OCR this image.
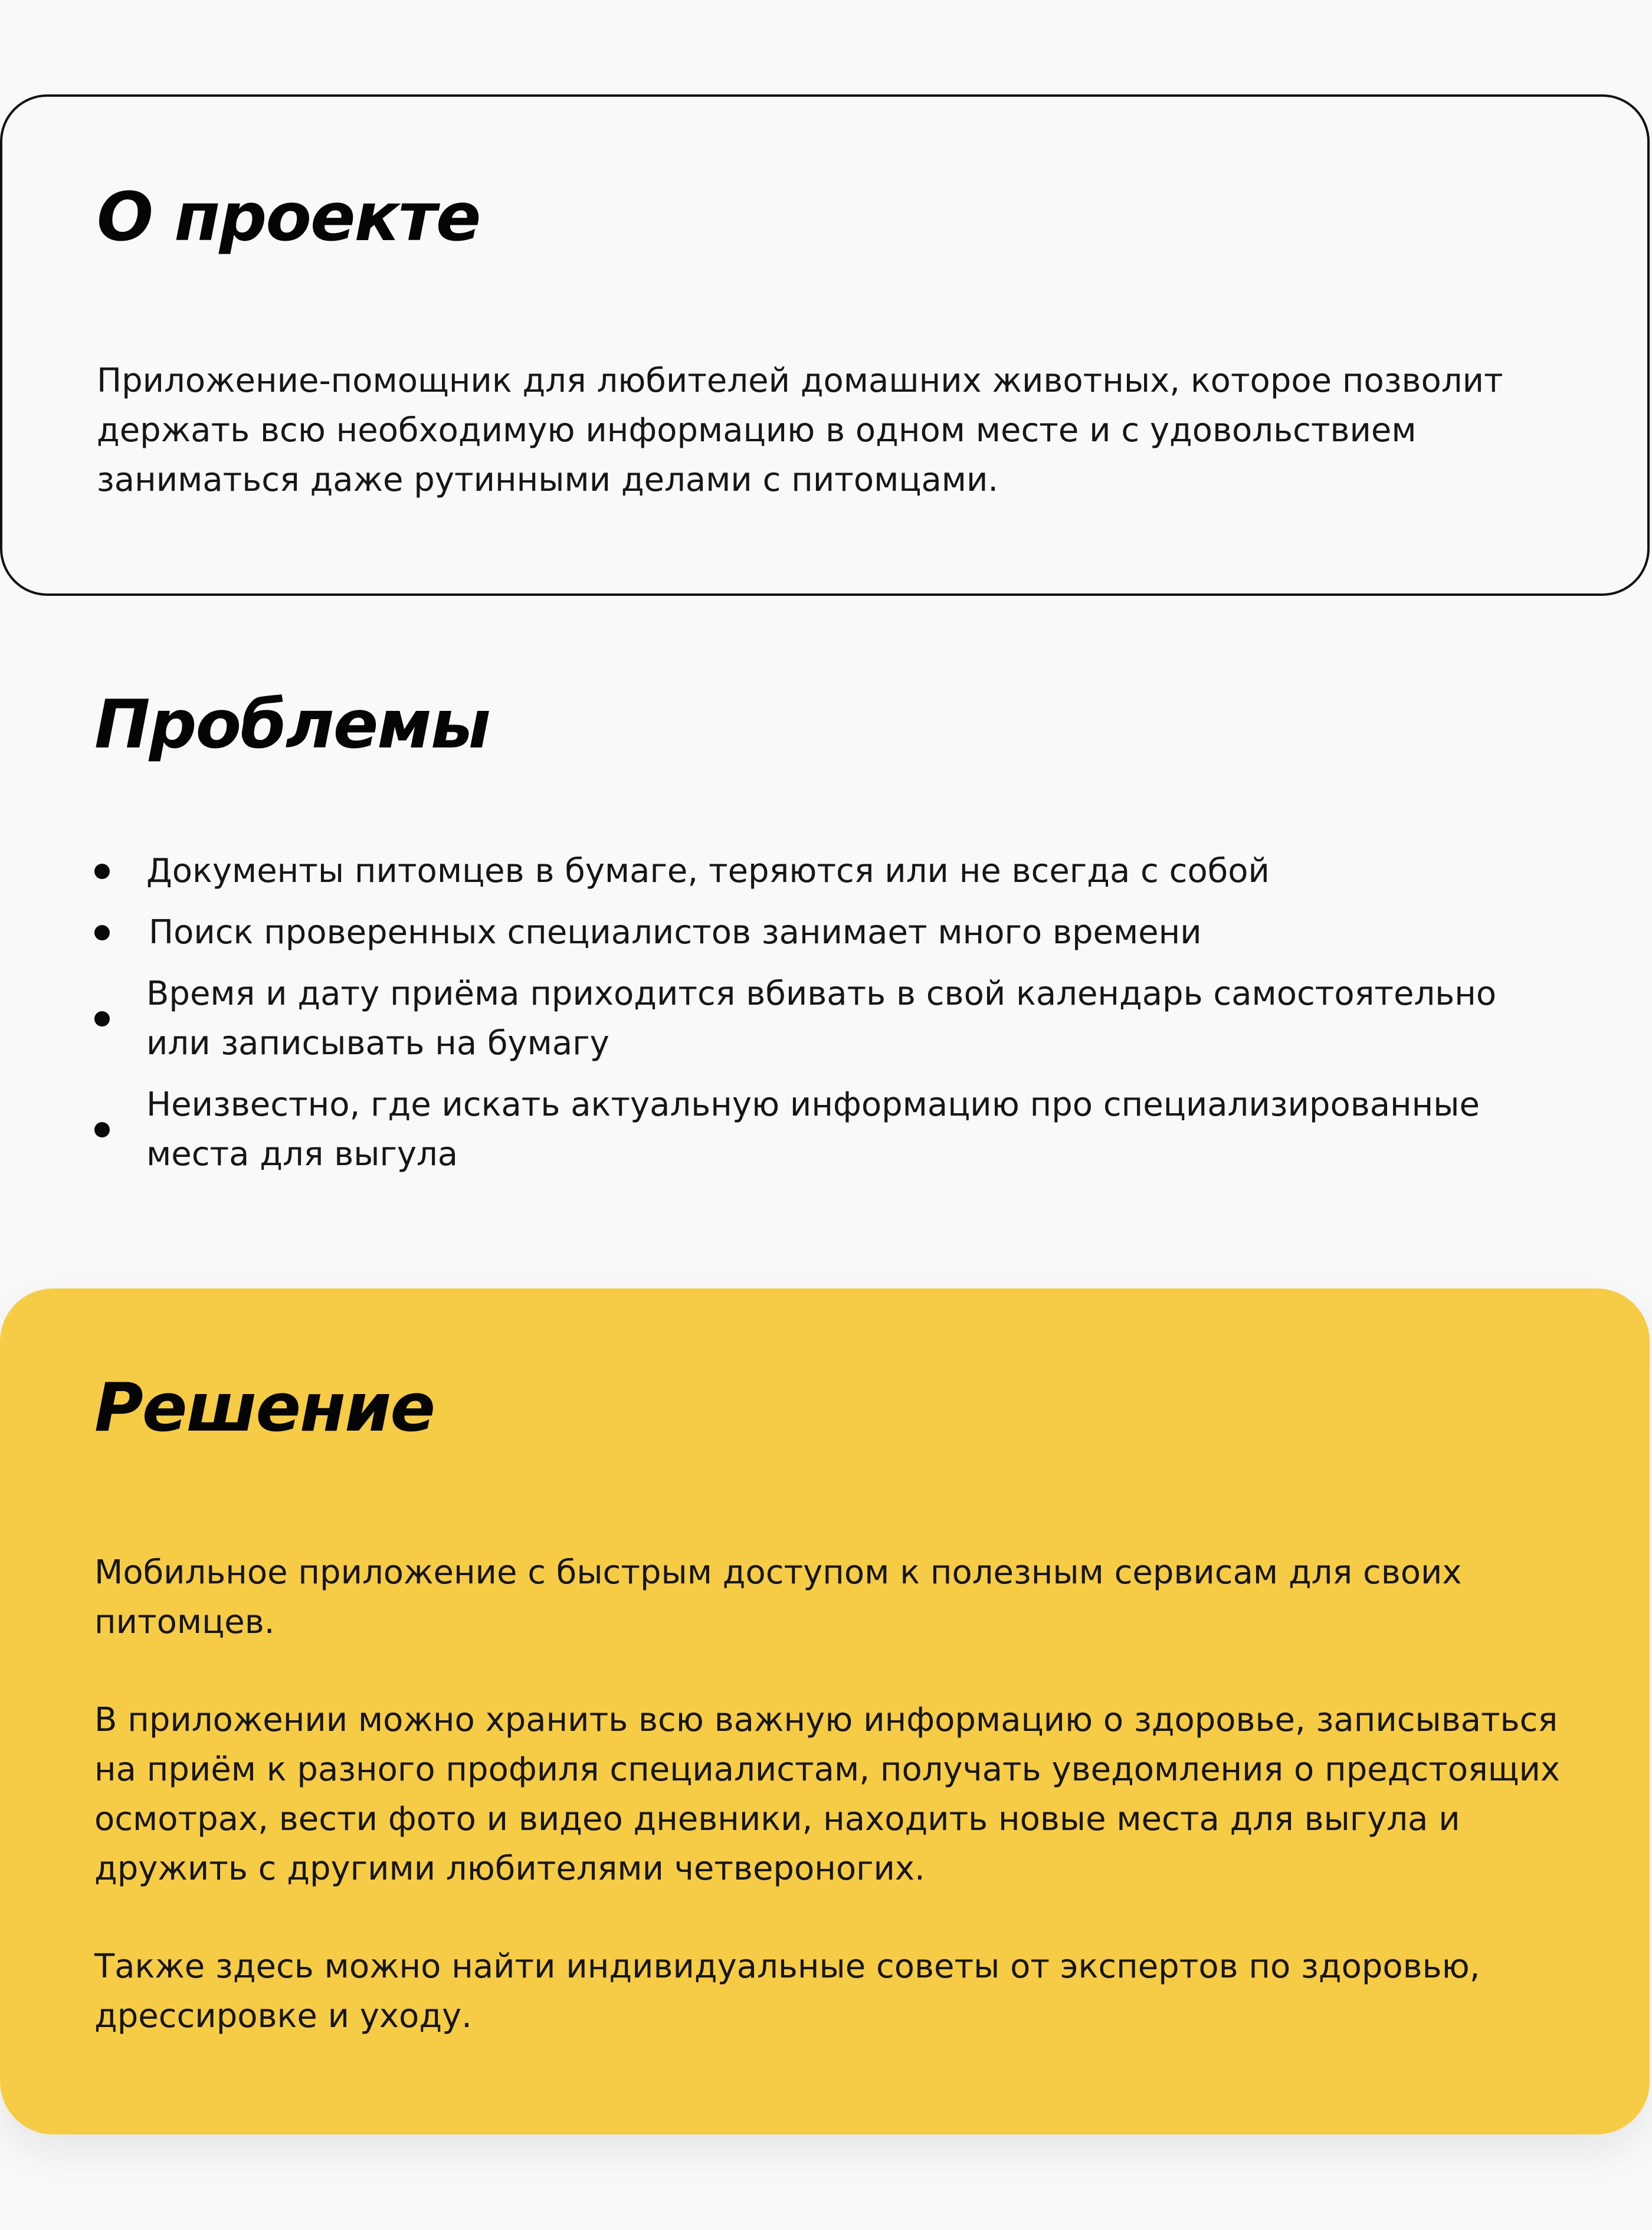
О проекте

Приложение-помощник для любителей домашних животных, которое позволит держать всю необходимую информацию в одном месте и с удовольствием заниматься даже рутинными делами с питомцами.

Проблемы
Документы питомцев в бумаге, теряются или не всегда с собой
Поиск проверенных специалистов занимает много времени
Время и дату приёма приходится вбивать в свой календарь самостоятельно или записывать на бумагу
Неизвестно, где искать актуальную информацию про специализированные места для выгула
Решение

Мобильное приложение с быстрым доступом к полезным сервисам для своих питомцев.

В приложении можно хранить всю важную информацию о здоровье, записываться на приём к разного профиля специалистам, получать уведомления о предстоящих осмотрах, вести фото и видео дневники, находить новые места для выгула и дружить с другими любителями четвероногих.

Также здесь можно найти индивидуальные советы от экспертов по здоровью, дрессировке и уходу.
